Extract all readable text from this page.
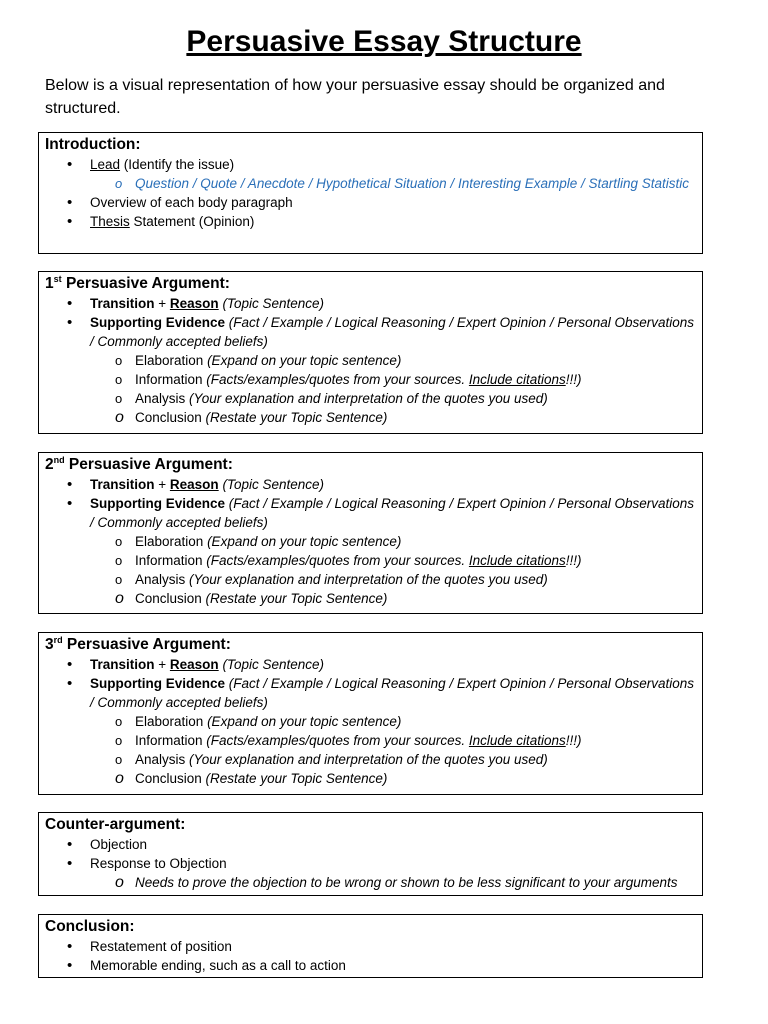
Persuasive Essay Structure
Below is a visual representation of how your persuasive essay should be organized and structured.
Introduction:
• Lead (Identify the issue)
o Question / Quote / Anecdote / Hypothetical Situation / Interesting Example / Startling Statistic
• Overview of each body paragraph
• Thesis Statement (Opinion)
1st Persuasive Argument:
• Transition + Reason (Topic Sentence)
• Supporting Evidence (Fact / Example / Logical Reasoning / Expert Opinion / Personal Observations / Commonly accepted beliefs)
o Elaboration (Expand on your topic sentence)
o Information (Facts/examples/quotes from your sources. Include citations!!!)
o Analysis (Your explanation and interpretation of the quotes you used)
o Conclusion (Restate your Topic Sentence)
2nd Persuasive Argument:
• Transition + Reason (Topic Sentence)
• Supporting Evidence (Fact / Example / Logical Reasoning / Expert Opinion / Personal Observations / Commonly accepted beliefs)
o Elaboration (Expand on your topic sentence)
o Information (Facts/examples/quotes from your sources. Include citations!!!)
o Analysis (Your explanation and interpretation of the quotes you used)
o Conclusion (Restate your Topic Sentence)
3rd Persuasive Argument:
• Transition + Reason (Topic Sentence)
• Supporting Evidence (Fact / Example / Logical Reasoning / Expert Opinion / Personal Observations / Commonly accepted beliefs)
o Elaboration (Expand on your topic sentence)
o Information (Facts/examples/quotes from your sources. Include citations!!!)
o Analysis (Your explanation and interpretation of the quotes you used)
o Conclusion (Restate your Topic Sentence)
Counter-argument:
• Objection
• Response to Objection
o Needs to prove the objection to be wrong or shown to be less significant to your arguments
Conclusion:
• Restatement of position
• Memorable ending, such as a call to action
